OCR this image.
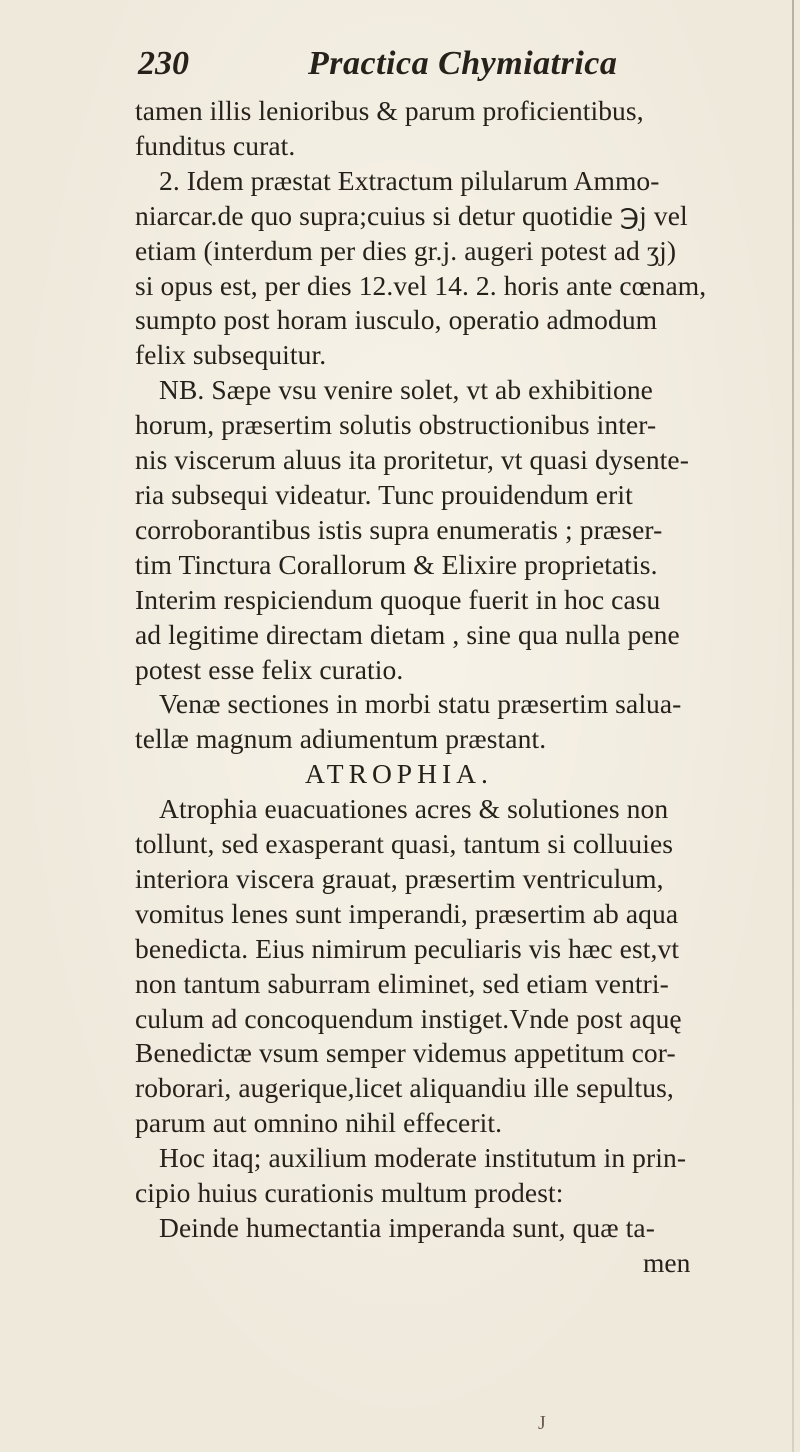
230	Practica Chymiatrica
tamen illis lenioribus & parum proficientibus,
funditus curat.
2. Idem præstat Extractum pilularum Ammo-
niarcar.de quo supra;cuius si detur quotidie ℈j vel
etiam (interdum per dies gr.j. augeri potest ad ʒj)
si opus est, per dies 12.vel 14. 2. horis ante cœnam,
sumpto post horam iusculo, operatio admodum
felix subsequitur.
NB. Sæpe vsu venire solet, vt ab exhibitione
horum, præsertim solutis obstructionibus inter-
nis viscerum aluus ita proritetur, vt quasi dysente-
ria subsequi videatur. Tunc prouidendum erit
corroborantibus istis supra enumeratis ; præser-
tim Tinctura Corallorum & Elixire proprietatis.
Interim respiciendum quoque fuerit in hoc casu
ad legitime directam dietam , sine qua nulla pene
potest esse felix curatio.
Venæ sectiones in morbi statu præsertim salua-
tellæ magnum adiumentum præstant.
ATROPHIA.
Atrophia euacuationes acres & solutiones non
tollunt, sed exasperant quasi, tantum si colluuies
interiora viscera grauat, præsertim ventriculum,
vomitus lenes sunt imperandi, præsertim ab aqua
benedicta. Eius nimirum peculiaris vis hæc est,vt
non tantum saburram eliminet, sed etiam ventri-
culum ad concoquendum instiget.Vnde post aquę
Benedictæ vsum semper videmus appetitum cor-
roborari, augerique,licet aliquandiu ille sepultus,
parum aut omnino nihil effecerit.
Hoc itaq; auxilium moderate institutum in prin-
cipio huius curationis multum prodest:
Deinde humectantia imperanda sunt, quæ ta-
men
J
